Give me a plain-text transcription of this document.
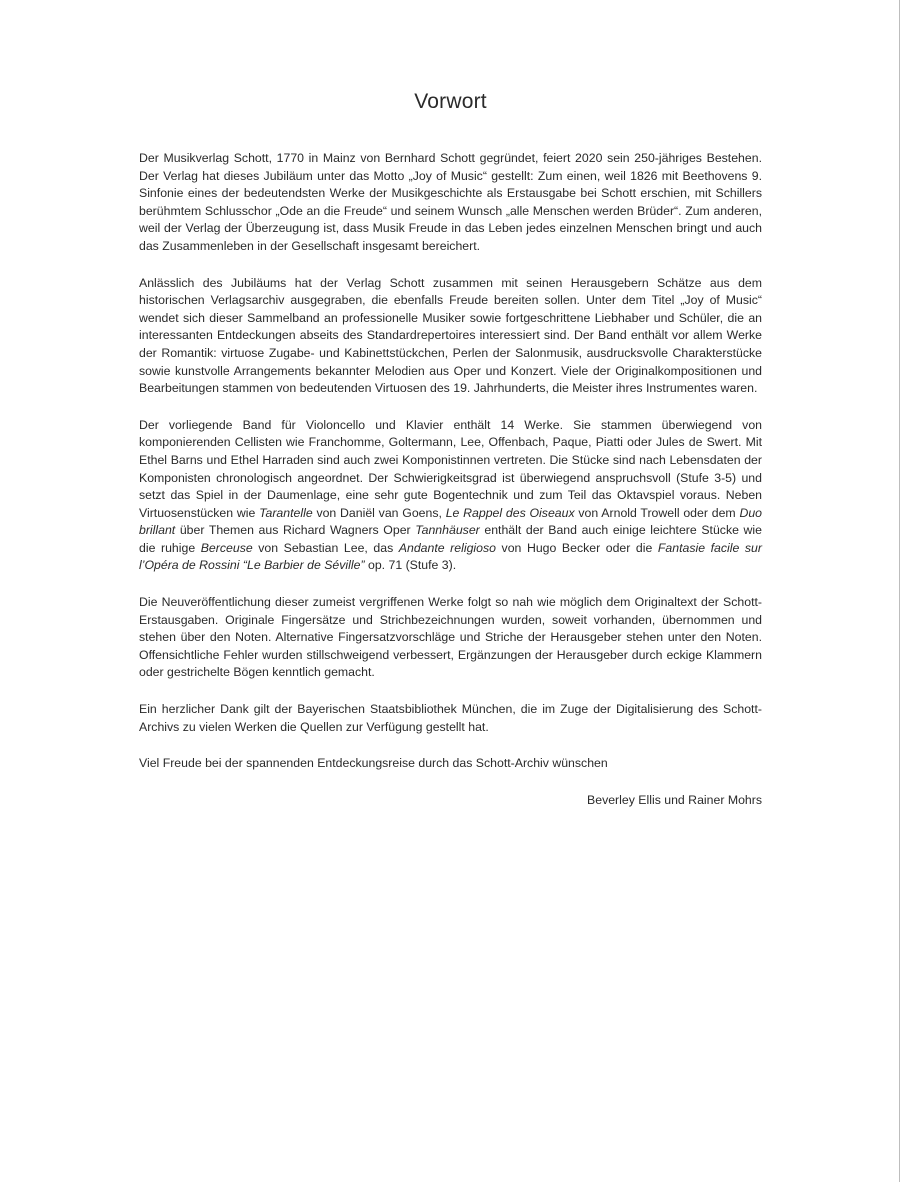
Vorwort

Der Musikverlag Schott, 1770 in Mainz von Bernhard Schott gegründet, feiert 2020 sein 250-jähriges Bestehen. Der Verlag hat dieses Jubiläum unter das Motto „Joy of Music“ gestellt: Zum einen, weil 1826 mit Beethovens 9. Sinfonie eines der bedeutendsten Werke der Musikgeschichte als Erstausgabe bei Schott erschien, mit Schillers berühmtem Schlusschor „Ode an die Freude“ und seinem Wunsch „alle Menschen werden Brüder“. Zum anderen, weil der Verlag der Überzeugung ist, dass Musik Freude in das Leben jedes einzelnen Menschen bringt und auch das Zusammenleben in der Gesellschaft insgesamt bereichert.

Anlässlich des Jubiläums hat der Verlag Schott zusammen mit seinen Herausgebern Schätze aus dem historischen Verlagsarchiv ausgegraben, die ebenfalls Freude bereiten sollen. Unter dem Titel „Joy of Music“ wendet sich dieser Sammelband an professionelle Musiker sowie fortgeschrittene Liebhaber und Schüler, die an interessanten Entdeckungen abseits des Standardrepertoires interessiert sind. Der Band enthält vor allem Werke der Romantik: virtuose Zugabe- und Kabinettstückchen, Perlen der Salonmusik, ausdrucksvolle Charakterstücke sowie kunstvolle Arrangements bekannter Melodien aus Oper und Konzert. Viele der Originalkompositionen und Bearbeitungen stammen von bedeutenden Virtuosen des 19. Jahrhunderts, die Meister ihres Instrumentes waren.

Der vorliegende Band für Violoncello und Klavier enthält 14 Werke. Sie stammen überwiegend von komponierenden Cellisten wie Franchomme, Goltermann, Lee, Offenbach, Paque, Piatti oder Jules de Swert. Mit Ethel Barns und Ethel Harraden sind auch zwei Komponistinnen vertreten. Die Stücke sind nach Lebensdaten der Komponisten chronologisch angeordnet. Der Schwierigkeitsgrad ist überwiegend anspruchsvoll (Stufe 3-5) und setzt das Spiel in der Daumenlage, eine sehr gute Bogentechnik und zum Teil das Oktavspiel voraus. Neben Virtuosenstücken wie Tarantelle von Daniël van Goens, Le Rappel des Oiseaux von Arnold Trowell oder dem Duo brillant über Themen aus Richard Wagners Oper Tannhäuser enthält der Band auch einige leichtere Stücke wie die ruhige Berceuse von Sebastian Lee, das Andante religioso von Hugo Becker oder die Fantasie facile sur l’Opéra de Rossini “Le Barbier de Séville” op. 71 (Stufe 3).

Die Neuveröffentlichung dieser zumeist vergriffenen Werke folgt so nah wie möglich dem Originaltext der Schott-Erstausgaben. Originale Fingersätze und Strichbezeichnungen wurden, soweit vorhanden, übernommen und stehen über den Noten. Alternative Fingersatzvorschläge und Striche der Herausgeber stehen unter den Noten. Offensichtliche Fehler wurden stillschweigend verbessert, Ergänzungen der Herausgeber durch eckige Klammern oder gestrichelte Bögen kenntlich gemacht.

Ein herzlicher Dank gilt der Bayerischen Staatsbibliothek München, die im Zuge der Digitalisierung des Schott-Archivs zu vielen Werken die Quellen zur Verfügung gestellt hat.

Viel Freude bei der spannenden Entdeckungsreise durch das Schott-Archiv wünschen

Beverley Ellis und Rainer Mohrs
